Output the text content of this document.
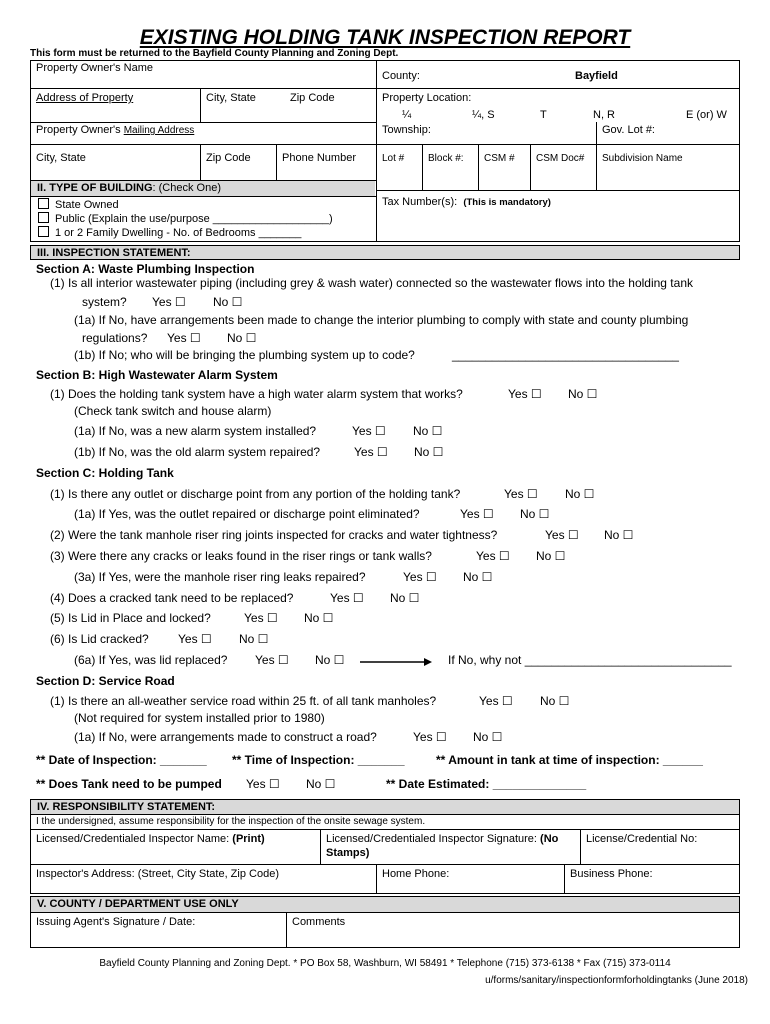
EXISTING HOLDING TANK INSPECTION REPORT
This form must be returned to the Bayfield County Planning and Zoning Dept.
Property Owner's Name
County:	Bayfield
Address of Property	City, State	Zip Code	Property Location:
¼	¼, S	T	N, R	E (or) W
Property Owner's Mailing Address	Township:	Gov. Lot #:
City, State	Zip Code	Phone Number	Lot # Block #: CSM # CSM Doc# Subdivision Name
II. TYPE OF BUILDING: (Check One)
State Owned
Public (Explain the use/purpose ___________________)
1 or 2 Family Dwelling - No. of Bedrooms _______
Tax Number(s): (This is mandatory)
III. INSPECTION STATEMENT:
Section A: Waste Plumbing Inspection
(1) Is all interior wastewater piping (including grey & wash water) connected so the wastewater flows into the holding tank
system? Yes ☐ No ☐
(1a) If No, have arrangements been made to change the interior plumbing to comply with state and county plumbing
regulations? Yes ☐ No ☐
(1b) If No; who will be bringing the plumbing system up to code?	__________________________________
Section B: High Wastewater Alarm System
(1) Does the holding tank system have a high water alarm system that works?	Yes ☐ No ☐
(Check tank switch and house alarm)
(1a) If No, was a new alarm system installed?	Yes ☐ No ☐
(1b) If No, was the old alarm system repaired?	Yes ☐ No ☐
Section C: Holding Tank
(1) Is there any outlet or discharge point from any portion of the holding tank?	Yes ☐ No ☐
(1a) If Yes, was the outlet repaired or discharge point eliminated?	Yes ☐ No ☐
(2) Were the tank manhole riser ring joints inspected for cracks and water tightness?	Yes ☐ No ☐
(3) Were there any cracks or leaks found in the riser rings or tank walls?	Yes ☐ No ☐
(3a) If Yes, were the manhole riser ring leaks repaired?	Yes ☐ No ☐
(4) Does a cracked tank need to be replaced?	Yes ☐ No ☐
(5) Is Lid in Place and locked?	Yes ☐ No ☐
(6) Is Lid cracked? Yes ☐ No ☐
(6a) If Yes, was lid replaced? Yes ☐ No ☐	If No, why not _______________________________
Section D: Service Road
(1) Is there an all-weather service road within 25 ft. of all tank manholes?	Yes ☐ No ☐
(Not required for system installed prior to 1980)
(1a) If No, were arrangements made to construct a road?	Yes ☐ No ☐
** Date of Inspection: _______ ** Time of Inspection: _______	** Amount in tank at time of inspection: ______
** Does Tank need to be pumped Yes ☐ No ☐	** Date Estimated: ______________
IV. RESPONSIBILITY STATEMENT:
I the undersigned, assume responsibility for the inspection of the onsite sewage system.
Licensed/Credentialed Inspector Name: (Print)	Licensed/Credentialed Inspector Signature: (No
Stamps)
License/Credential No:
Inspector's Address: (Street, City State, Zip Code)	Home Phone:	Business Phone:
V. COUNTY / DEPARTMENT USE ONLY
Issuing Agent's Signature / Date:	Comments
Bayfield County Planning and Zoning Dept. * PO Box 58, Washburn, WI 58491 * Telephone (715) 373-6138 * Fax (715) 373-0114
u/forms/sanitary/inspectionformforholdingtanks (June 2018)
